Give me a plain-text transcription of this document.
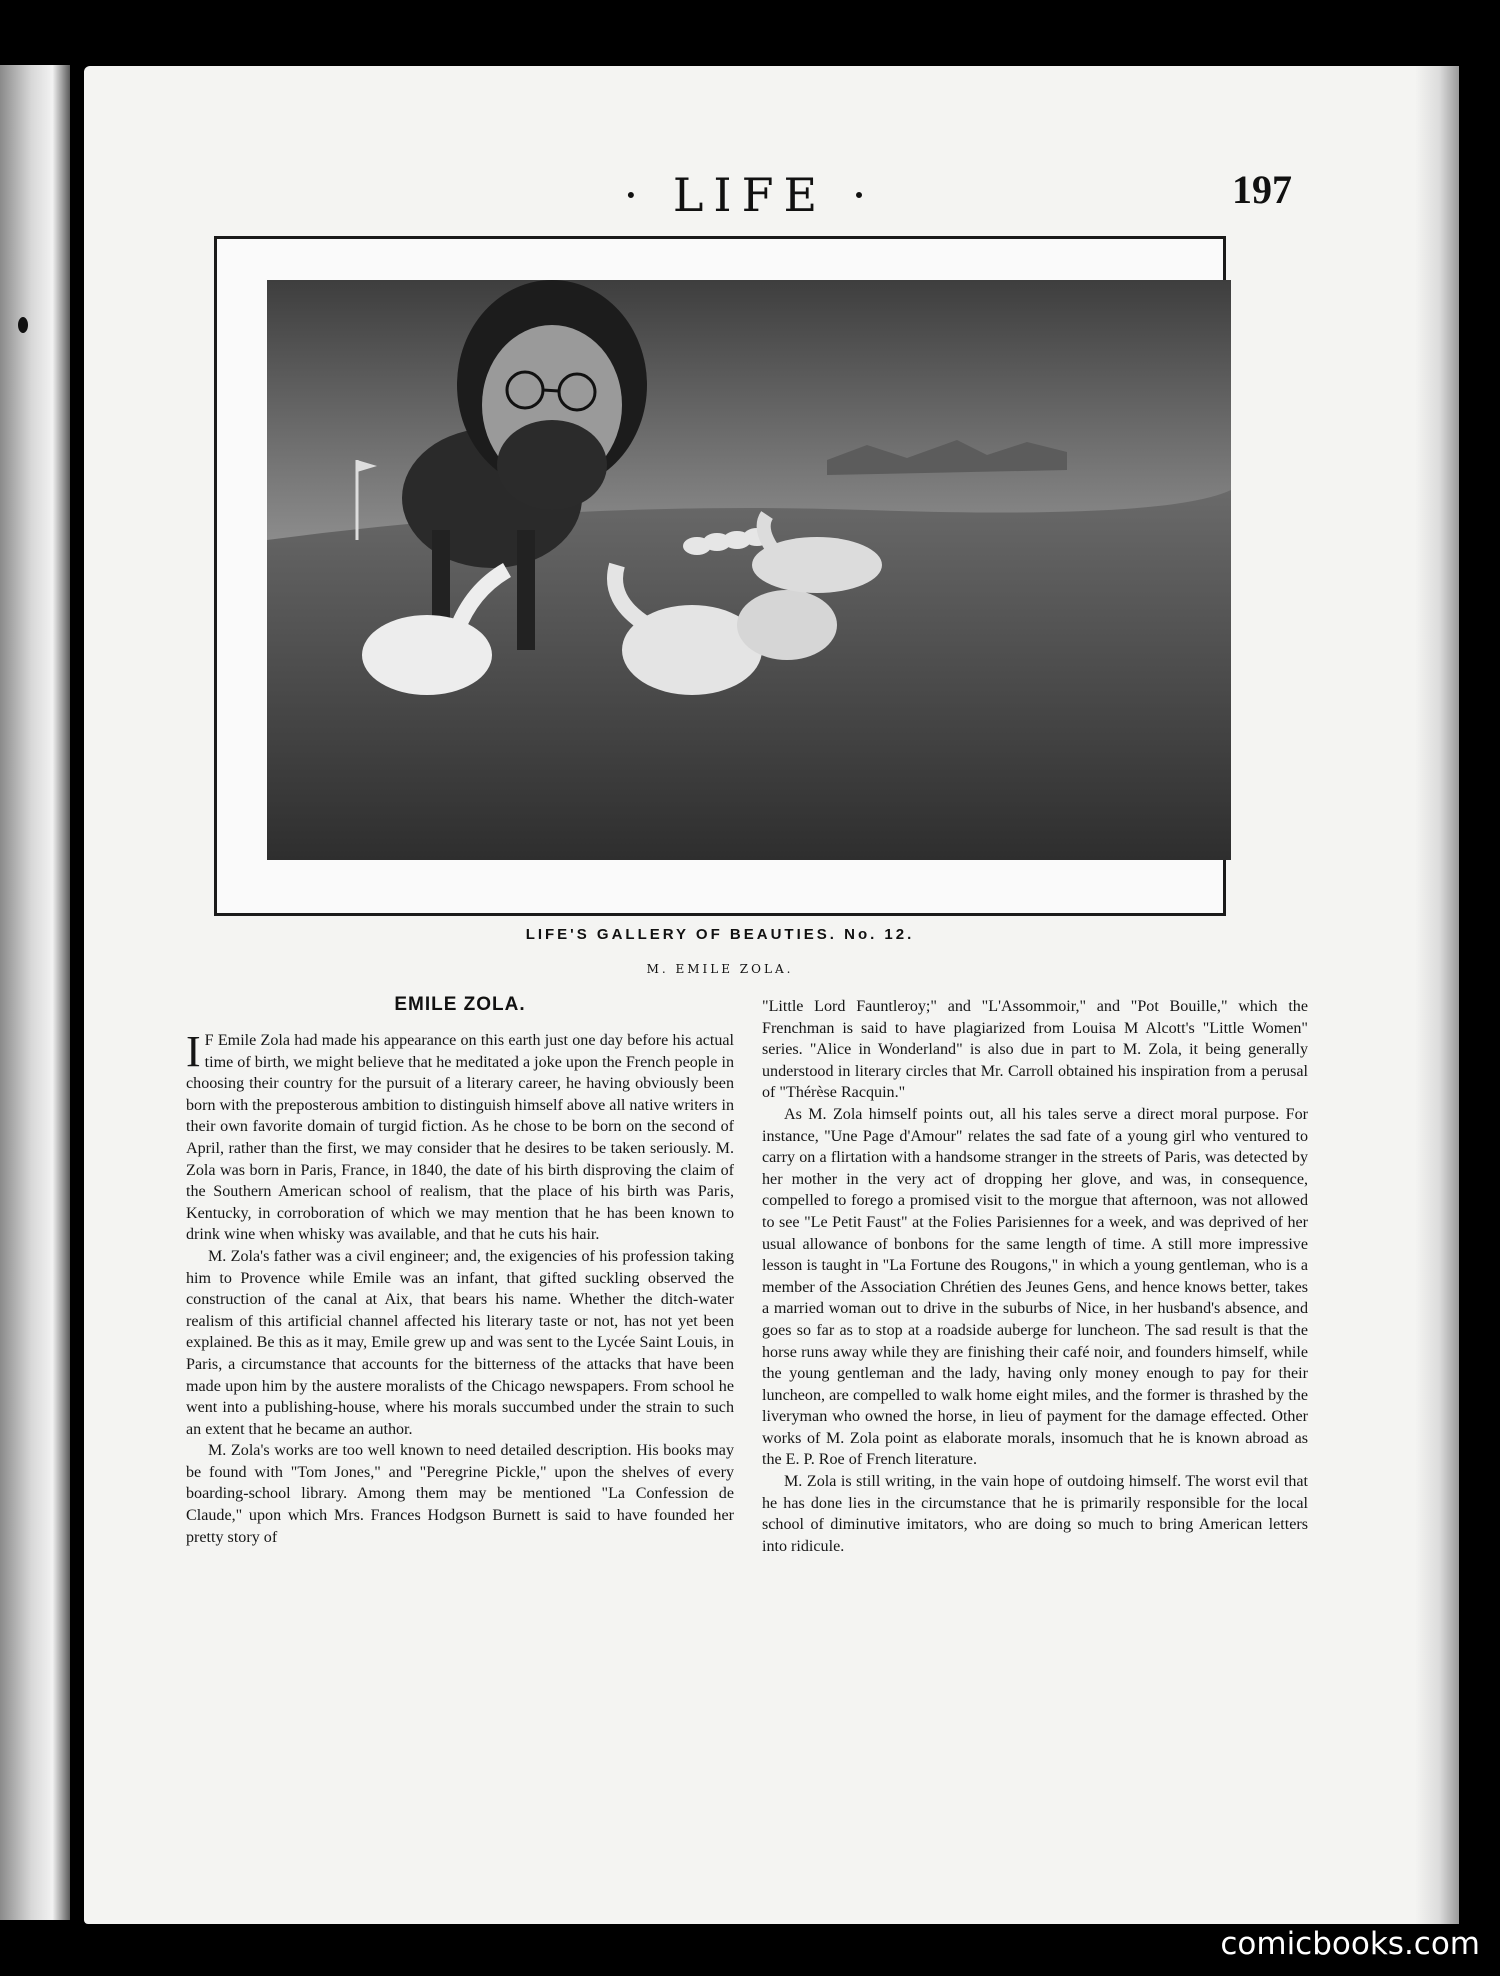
· LIFE ·	197
LIFE'S GALLERY OF BEAUTIES. No. 12.
M. EMILE ZOLA.
EMILE ZOLA.

I F Emile Zola had made his appearance on this earth just one day before his actual time of birth, we might believe that he meditated a joke upon the French people in choosing their country for the pursuit of a literary career, he having obviously been born with the preposterous ambition to distinguish himself above all native writers in their own favorite domain of turgid fiction. As he chose to be born on the second of April, rather than the first, we may consider that he desires to be taken seriously. M. Zola was born in Paris, France, in 1840, the date of his birth disproving the claim of the Southern American school of realism, that the place of his birth was Paris, Kentucky, in corroboration of which we may mention that he has been known to drink wine when whisky was available, and that he cuts his hair.

M. Zola's father was a civil engineer; and, the exigencies of his profession taking him to Provence while Emile was an infant, that gifted suckling observed the construction of the canal at Aix, that bears his name. Whether the ditch-water realism of this artificial channel affected his literary taste or not, has not yet been explained. Be this as it may, Emile grew up and was sent to the Lycée Saint Louis, in Paris, a circumstance that accounts for the bitterness of the attacks that have been made upon him by the austere moralists of the Chicago newspapers. From school he went into a publishing-house, where his morals succumbed under the strain to such an extent that he became an author.

M. Zola's works are too well known to need detailed description. His books may be found with "Tom Jones," and "Peregrine Pickle," upon the shelves of every boarding-school library. Among them may be mentioned "La Confession de Claude," upon which Mrs. Frances Hodgson Burnett is said to have founded her pretty story of

"Little Lord Fauntleroy;" and "L'Assommoir," and "Pot Bouille," which the Frenchman is said to have plagiarized from Louisa M Alcott's "Little Women" series. "Alice in Wonderland" is also due in part to M. Zola, it being generally understood in literary circles that Mr. Carroll obtained his inspiration from a perusal of "Thérèse Racquin."

As M. Zola himself points out, all his tales serve a direct moral purpose. For instance, "Une Page d'Amour" relates the sad fate of a young girl who ventured to carry on a flirtation with a handsome stranger in the streets of Paris, was detected by her mother in the very act of dropping her glove, and was, in consequence, compelled to forego a promised visit to the morgue that afternoon, was not allowed to see "Le Petit Faust" at the Folies Parisiennes for a week, and was deprived of her usual allowance of bonbons for the same length of time. A still more impressive lesson is taught in "La Fortune des Rougons," in which a young gentleman, who is a member of the Association Chrétien des Jeunes Gens, and hence knows better, takes a married woman out to drive in the suburbs of Nice, in her husband's absence, and goes so far as to stop at a roadside auberge for luncheon. The sad result is that the horse runs away while they are finishing their café noir, and founders himself, while the young gentleman and the lady, having only money enough to pay for their luncheon, are compelled to walk home eight miles, and the former is thrashed by the liveryman who owned the horse, in lieu of payment for the damage effected. Other works of M. Zola point as elaborate morals, insomuch that he is known abroad as the E. P. Roe of French literature.

M. Zola is still writing, in the vain hope of outdoing himself. The worst evil that he has done lies in the circumstance that he is primarily responsible for the local school of diminutive imitators, who are doing so much to bring American letters into ridicule.

comicbooks.com
